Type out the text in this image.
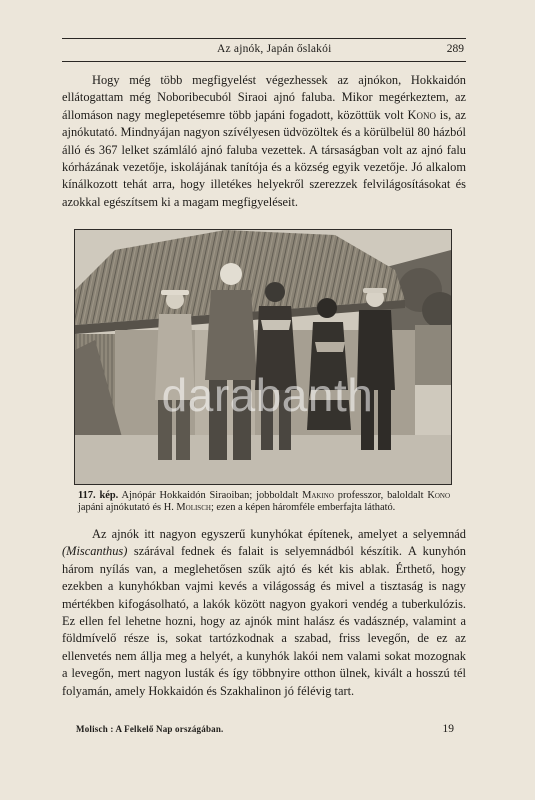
Az ajnók, Japán őslakói	289

Hogy még több megfigyelést végezhessek az ajnókon, Hokkaidón ellátogattam még Noboribecuból Siraoi ajnó faluba. Mikor megérkeztem, az állomáson nagy meglepetésemre több japáni fogadott, közöttük volt Kono is, az ajnókutató. Mindnyájan nagyon szívélyesen üdvözöltek és a körülbelül 80 házból álló és 367 lelket számláló ajnó faluba vezettek. A társaságban volt az ajnó falu kórházának vezetője, iskolájának tanítója és a község egyik vezetője. Jó alkalom kínálkozott tehát arra, hogy illetékes helyekről szerezzek felvilágosításokat és azokkal egészítsem ki a magam megfigyeléseit.

117. kép. Ajnópár Hokkaidón Siraoiban; jobboldalt Makino professzor, baloldalt Kono japáni ajnókutató és H. Molisch; ezen a képen háromféle emberfajta látható.

Az ajnók itt nagyon egyszerű kunyhókat építenek, amelyet a selyemnád (Miscanthus) szárával fednek és falait is selyemnádból készítik. A kunyhón három nyílás van, a meglehetősen szűk ajtó és két kis ablak. Érthető, hogy ezekben a kunyhókban vajmi kevés a világosság és mivel a tisztaság is nagy mértékben kifogásolható, a lakók között nagyon gyakori vendég a tuberkulózis. Ez ellen fel lehetne hozni, hogy az ajnók mint halász és vadásznép, valamint a földmívelő része is, sokat tartózkodnak a szabad, friss levegőn, de ez az ellenvetés nem állja meg a helyét, a kunyhók lakói nem valami sokat mozognak a levegőn, mert nagyon lusták és így többnyire otthon ülnek, kivált a hosszú tél folyamán, amely Hokkaidón és Szakhalinon jó félévig tart.

Molisch : A Felkelő Nap országában.	19
darabanth
